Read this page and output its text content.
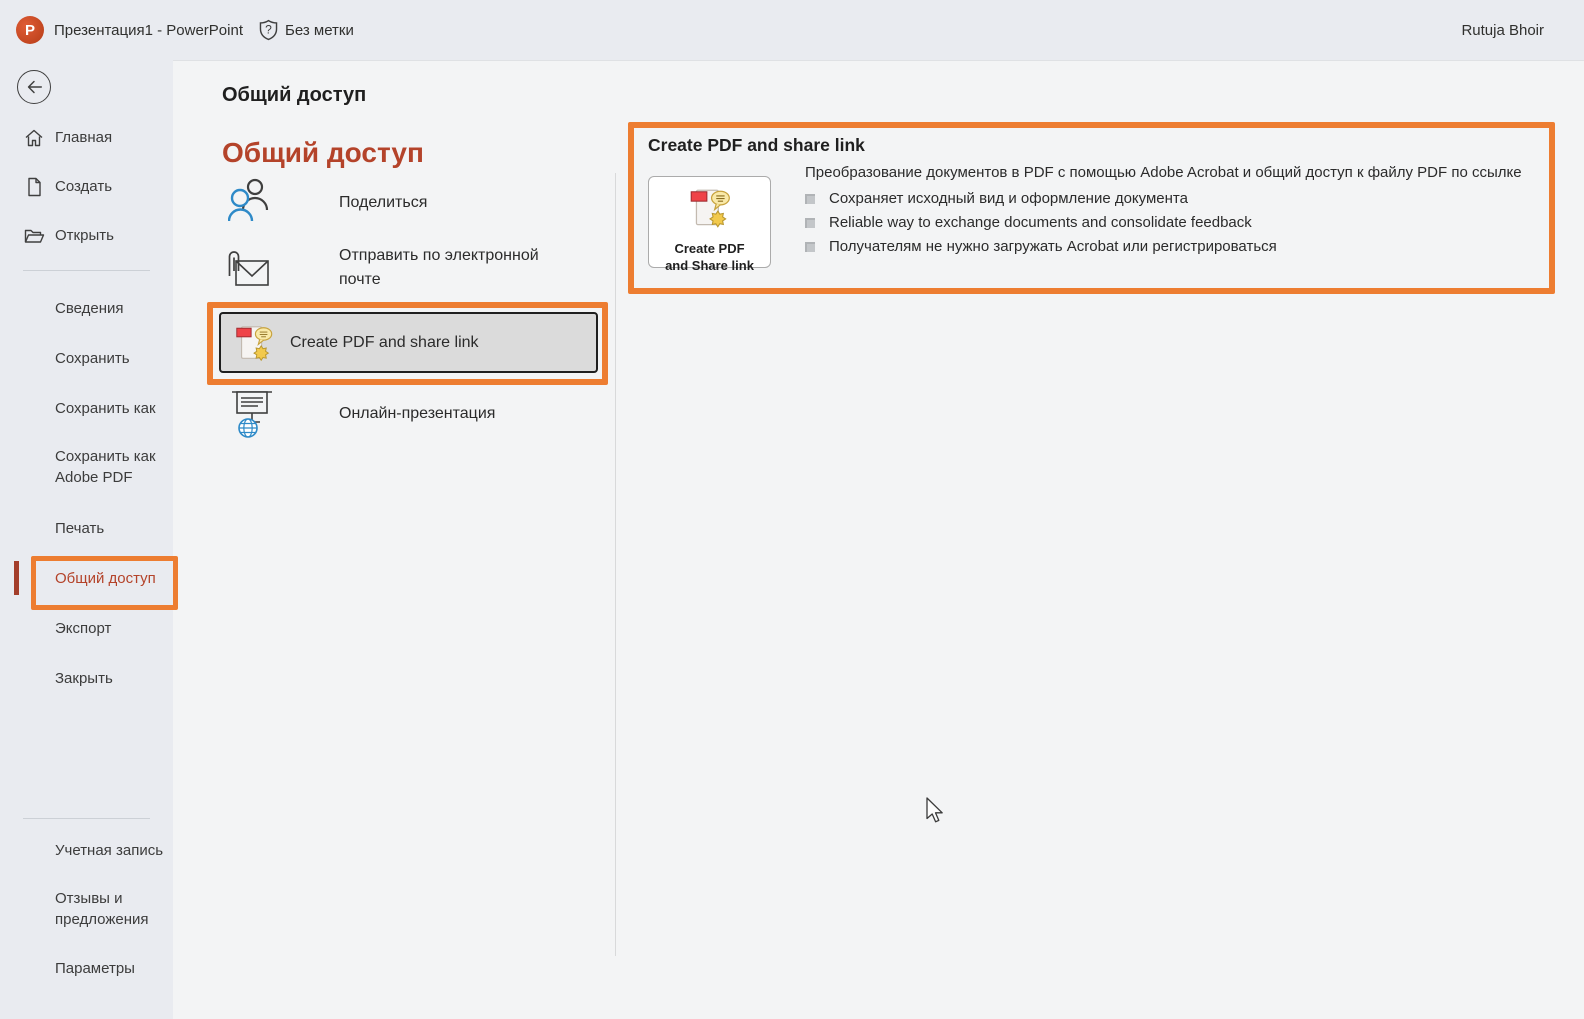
P Презентация1 - PowerPoint ? Без метки	Rutuja Bhoir
Главная
Создать
Открыть
Сведения
Сохранить
Сохранить как
Сохранить как Adobe PDF
Печать
Общий доступ
Экспорт
Закрыть
Учетная запись
Отзывы и предложения
Параметры
Общий доступ
Общий доступ
Поделиться
Отправить по электронной почте
Create PDF and share link
Онлайн-презентация
Create PDF and share link
Create PDF
and Share link

Преобразование документов в PDF с помощью Adobe Acrobat и общий доступ к файлу PDF по ссылке

Сохраняет исходный вид и оформление документа
Reliable way to exchange documents and consolidate feedback
Получателям не нужно загружать Acrobat или регистрироваться
